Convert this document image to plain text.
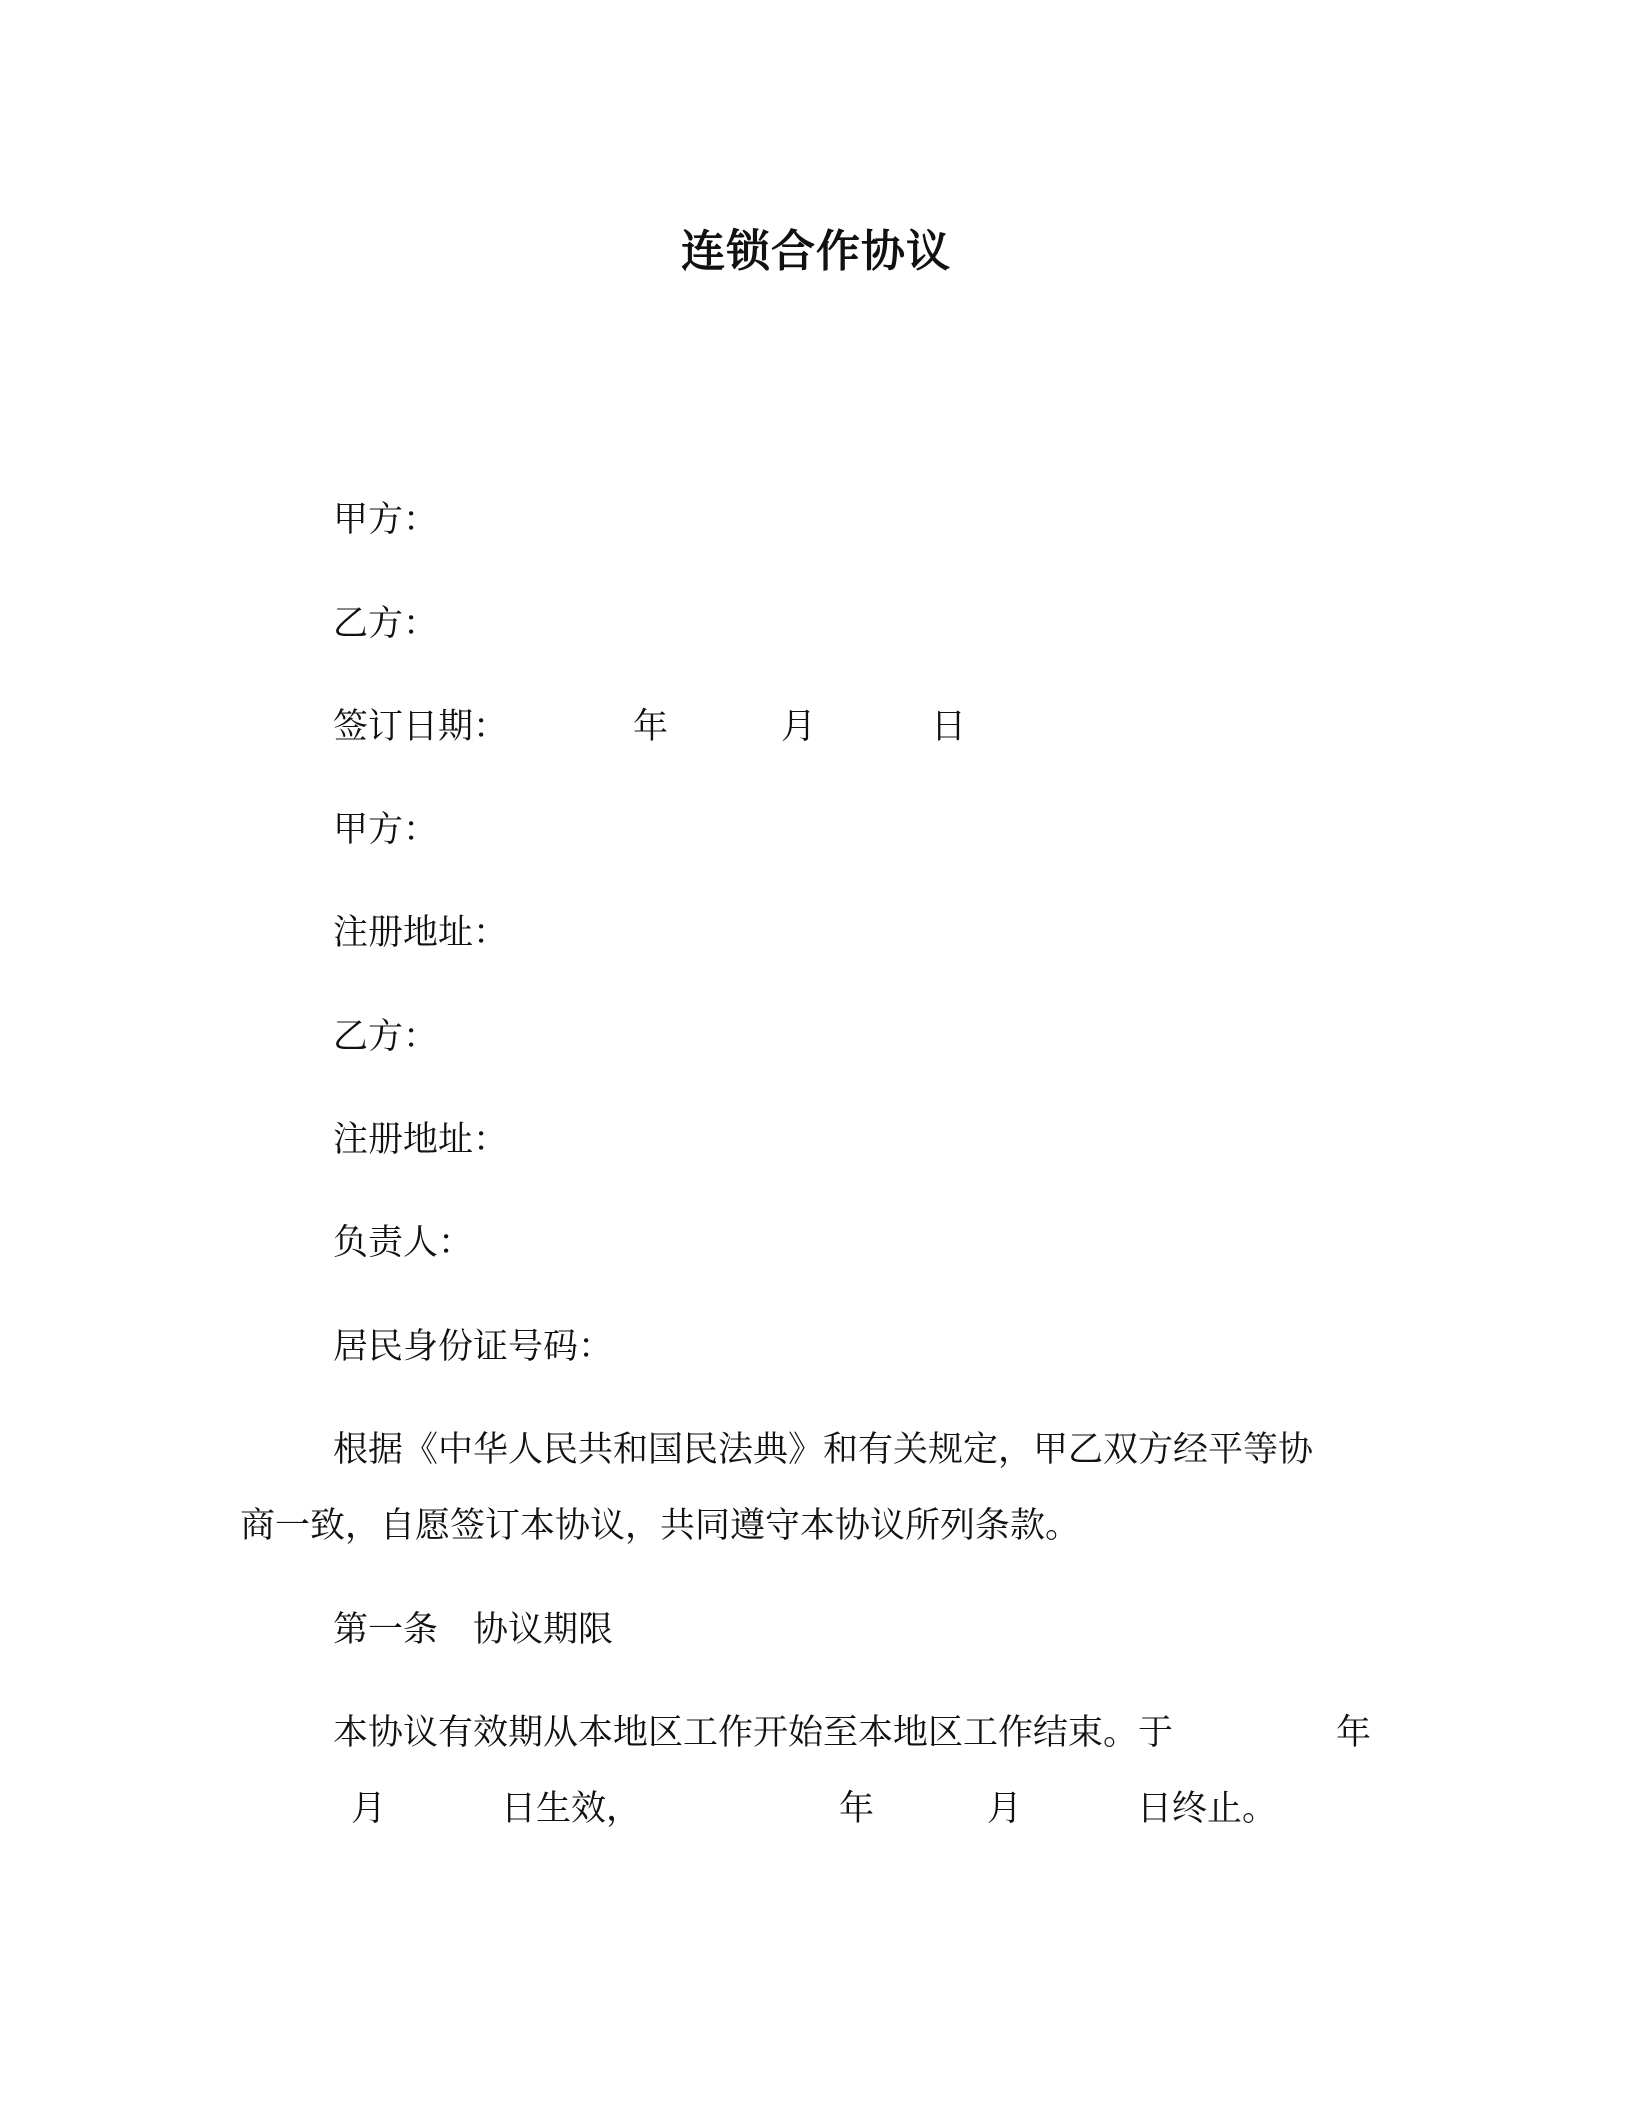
连锁合作协议
甲方：
乙方：
签订日期：	年	月	日
甲方：
注册地址：
乙方：
注册地址：
负责人：
居民身份证号码：
根据《中华人民共和国民法典》和有关规定，甲乙双方经平等协
商一致，自愿签订本协议，共同遵守本协议所列条款。
第一条　协议期限
本协议有效期从本地区工作开始至本地区工作结束。于	年
月	日生效，	年	月	日终止。
